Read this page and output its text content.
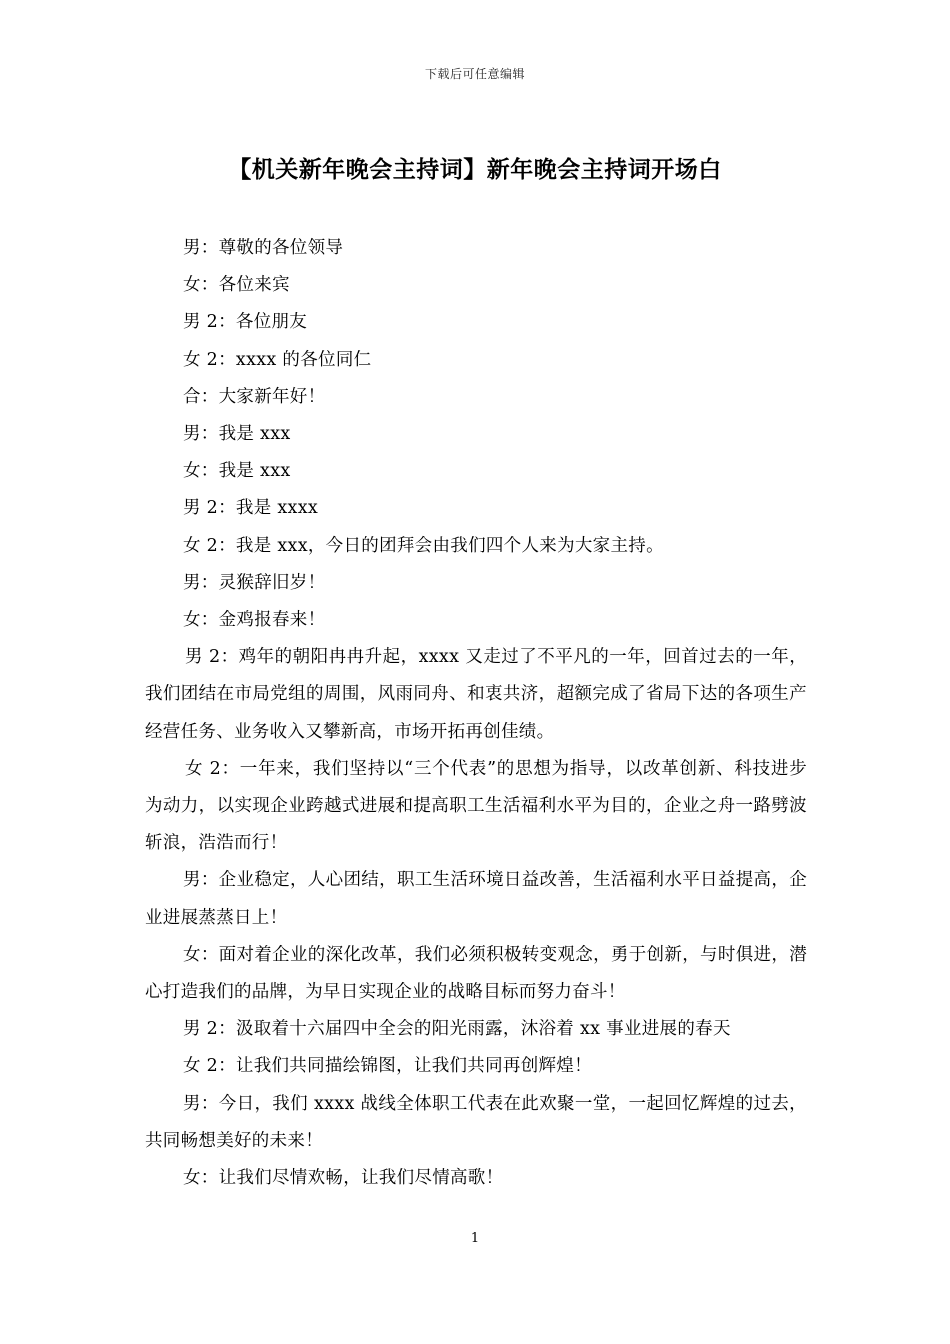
下载后可任意编辑
【机关新年晚会主持词】新年晚会主持词开场白

男：尊敬的各位领导

女：各位来宾

男 2：各位朋友

女 2：xxxx 的各位同仁

合：大家新年好！

男：我是 xxx

女：我是 xxx

男 2：我是 xxxx

女 2：我是 xxx，今日的团拜会由我们四个人来为大家主持。

男：灵猴辞旧岁！

女：金鸡报春来！

男 2：鸡年的朝阳冉冉升起，xxxx 又走过了不平凡的一年，回首过去的一年，我们团结在市局党组的周围，风雨同舟、和衷共济，超额完成了省局下达的各项生产经营任务、业务收入又攀新高，市场开拓再创佳绩。

女 2：一年来，我们坚持以“三个代表”的思想为指导，以改革创新、科技进步为动力，以实现企业跨越式进展和提高职工生活福利水平为目的，企业之舟一路劈波斩浪，浩浩而行！

男：企业稳定，人心团结，职工生活环境日益改善，生活福利水平日益提高，企业进展蒸蒸日上！

女：面对着企业的深化改革，我们必须积极转变观念，勇于创新，与时俱进，潜心打造我们的品牌，为早日实现企业的战略目标而努力奋斗！

男 2：汲取着十六届四中全会的阳光雨露，沐浴着 xx 事业进展的春天

女 2：让我们共同描绘锦图，让我们共同再创辉煌！

男：今日，我们 xxxx 战线全体职工代表在此欢聚一堂，一起回忆辉煌的过去，共同畅想美好的未来！

女：让我们尽情欢畅，让我们尽情高歌！

1
